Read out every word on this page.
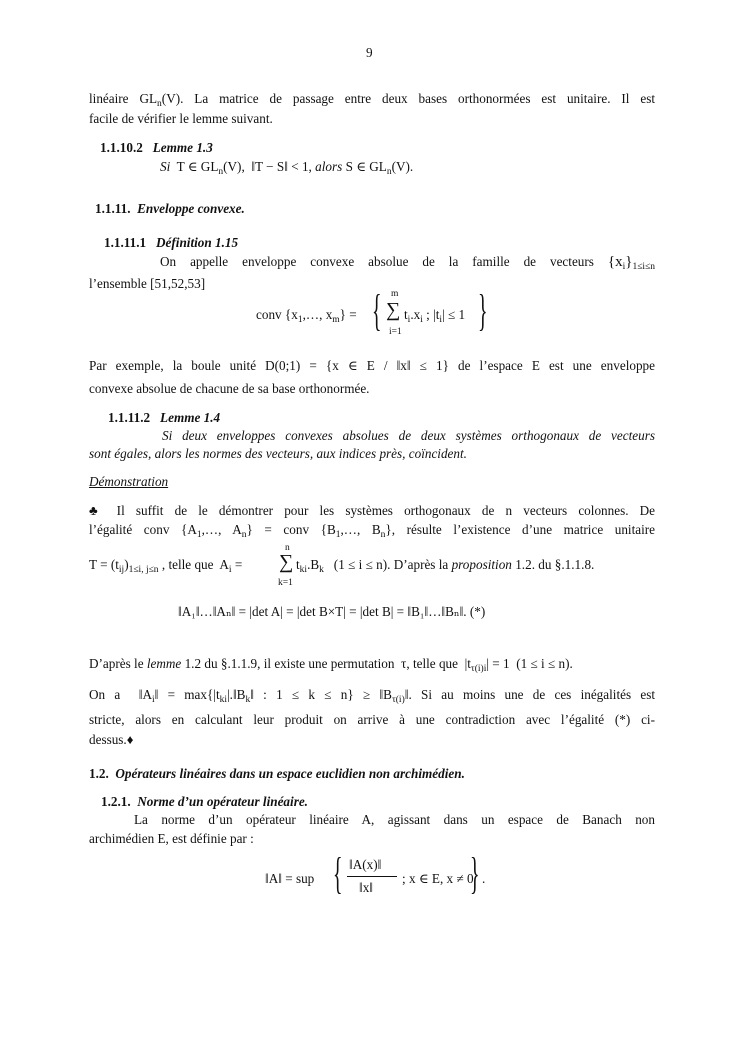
9
linéaire $GL_n(V)$. La matrice de passage entre deux bases orthonormées est unitaire. Il est
facile de vérifier le lemme suivant.
1.1.10.2 Lemme 1.3
Si T ∈ $GL_n(V)$, ‖T − S‖ < 1, alors S ∈ $GL_n(V)$.
1.1.11. Enveloppe convexe.
1.1.11.1 Définition 1.15
On appelle enveloppe convexe absolue de la famille de vecteurs $\{x_i\}_{1\le i\le n}$
l’ensemble [51,52,53]
conv {$x_1,\dots$, $x_m$} = { m
∑
i=1
$t_i.x_i$ ; $|t_i| \le 1$ }
Par exemple, la boule unité D(0;1) = {x ∈ E / ‖x‖ ≤ 1} de l’espace E est une enveloppe
convexe absolue de chacune de sa base orthonormée.
1.1.11.2 Lemme 1.4
Si deux enveloppes convexes absolues de deux systèmes orthogonaux de vecteurs
sont égales, alors les normes des vecteurs, aux indices près, coïncident.
Démonstration
♣ Il suffit de le démontrer pour les systèmes orthogonaux de n vecteurs colonnes. De
l’égalité conv {$A_1,\dots$, $A_n$} = conv {$B_1,\dots$, $B_n$}, résulte l’existence d’une matrice unitaire
$T = (t_{ij})_{1\le i, j\le n}$ , telle que $A_i$ =
n
∑
k=1
$t_{ki}.B_k$ (1 ≤ i ≤ n). D’après la proposition 1.2. du §.1.1.8.
‖A₁‖…‖Aₙ‖ = |det A| = |det B×T| = |det B| = ‖B₁‖…‖Bₙ‖. (*)
D’après le lemme 1.2 du §.1.1.9, il existe une permutation τ, telle que $|t_{\tau(i)i}| = 1$ (1 ≤ i ≤ n).
On a $‖A_i‖$ = $\max\{|t_{ki}|.‖B_k‖$ : $1 \le k \le n\} \ge ‖B_{\tau(i)}‖$. Si au moins une de ces inégalités est
stricte, alors en calculant leur produit on arrive à une contradiction avec l’égalité (*) ci-
dessus.♦
1.2. Opérateurs linéaires dans un espace euclidien non archimédien.
1.2.1. Norme d’un opérateur linéaire.
La norme d’un opérateur linéaire A, agissant dans un espace de Banach non
archimédien E, est définie par :
‖A‖ = sup { ‖A(x)‖
‖x‖
; x ∈ E, x ≠ 0
} .
